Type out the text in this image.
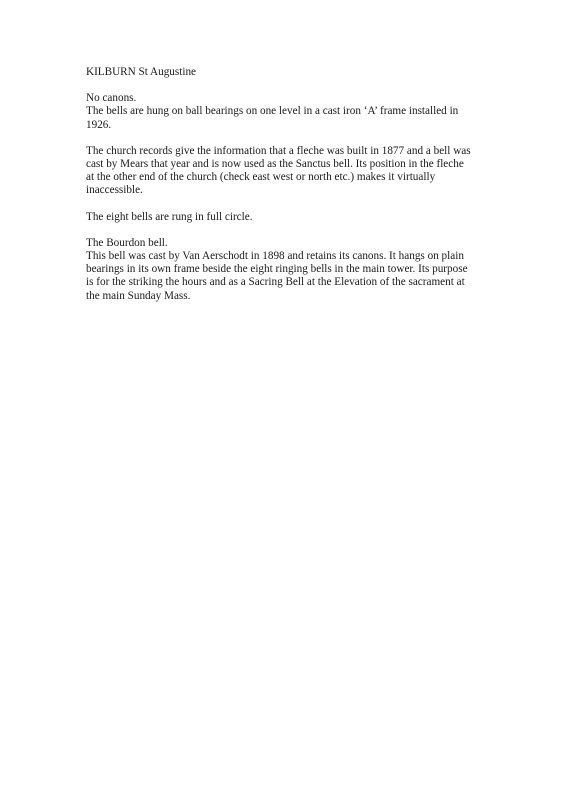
KILBURN St Augustine
No canons.
The bells are hung on ball bearings on one level in a cast iron ‘A’ frame installed in
1926.
The church records give the information that a fleche was built in 1877 and a bell was
cast by Mears that year and is now used as the Sanctus bell. Its position in the fleche
at the other end of the church (check east west or north etc.) makes it virtually
inaccessible.
The eight bells are rung in full circle.
The Bourdon bell.
This bell was cast by Van Aerschodt in 1898 and retains its canons. It hangs on plain
bearings in its own frame beside the eight ringing bells in the main tower. Its purpose
is for the striking the hours and as a Sacring Bell at the Elevation of the sacrament at
the main Sunday Mass.
